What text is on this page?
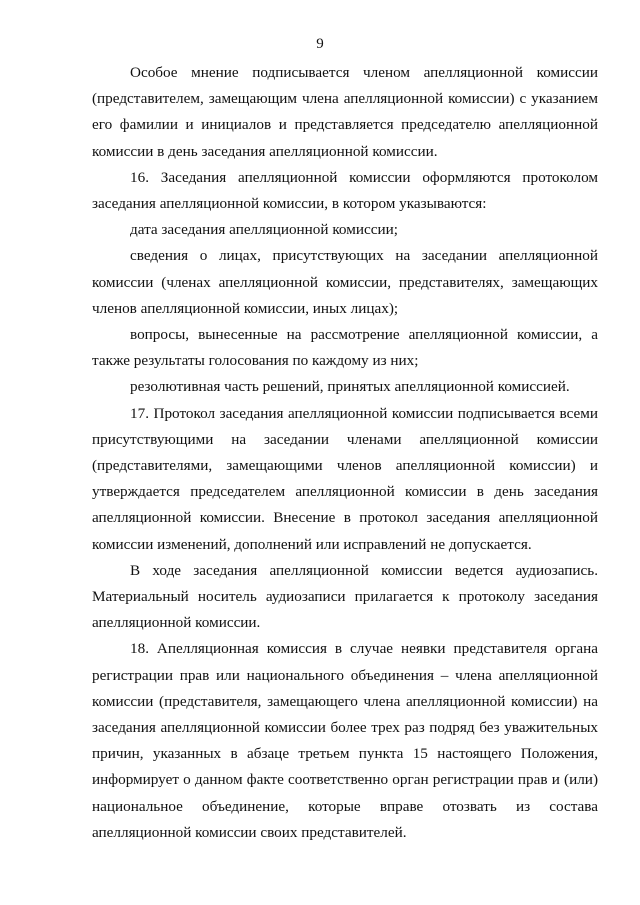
9

Особое мнение подписывается членом апелляционной комиссии (представителем, замещающим члена апелляционной комиссии) с указанием его фамилии и инициалов и представляется председателю апелляционной комиссии в день заседания апелляционной комиссии.

16. Заседания апелляционной комиссии оформляются протоколом заседания апелляционной комиссии, в котором указываются:

дата заседания апелляционной комиссии;

сведения о лицах, присутствующих на заседании апелляционной комиссии (членах апелляционной комиссии, представителях, замещающих членов апелляционной комиссии, иных лицах);

вопросы, вынесенные на рассмотрение апелляционной комиссии, а также результаты голосования по каждому из них;

резолютивная часть решений, принятых апелляционной комиссией.

17. Протокол заседания апелляционной комиссии подписывается всеми присутствующими на заседании членами апелляционной комиссии (представителями, замещающими членов апелляционной комиссии) и утверждается председателем апелляционной комиссии в день заседания апелляционной комиссии. Внесение в протокол заседания апелляционной комиссии изменений, дополнений или исправлений не допускается.

В ходе заседания апелляционной комиссии ведется аудиозапись. Материальный носитель аудиозаписи прилагается к протоколу заседания апелляционной комиссии.

18. Апелляционная комиссия в случае неявки представителя органа регистрации прав или национального объединения – члена апелляционной комиссии (представителя, замещающего члена апелляционной комиссии) на заседания апелляционной комиссии более трех раз подряд без уважительных причин, указанных в абзаце третьем пункта 15 настоящего Положения, информирует о данном факте соответственно орган регистрации прав и (или) национальное объединение, которые вправе отозвать из состава апелляционной комиссии своих представителей.
